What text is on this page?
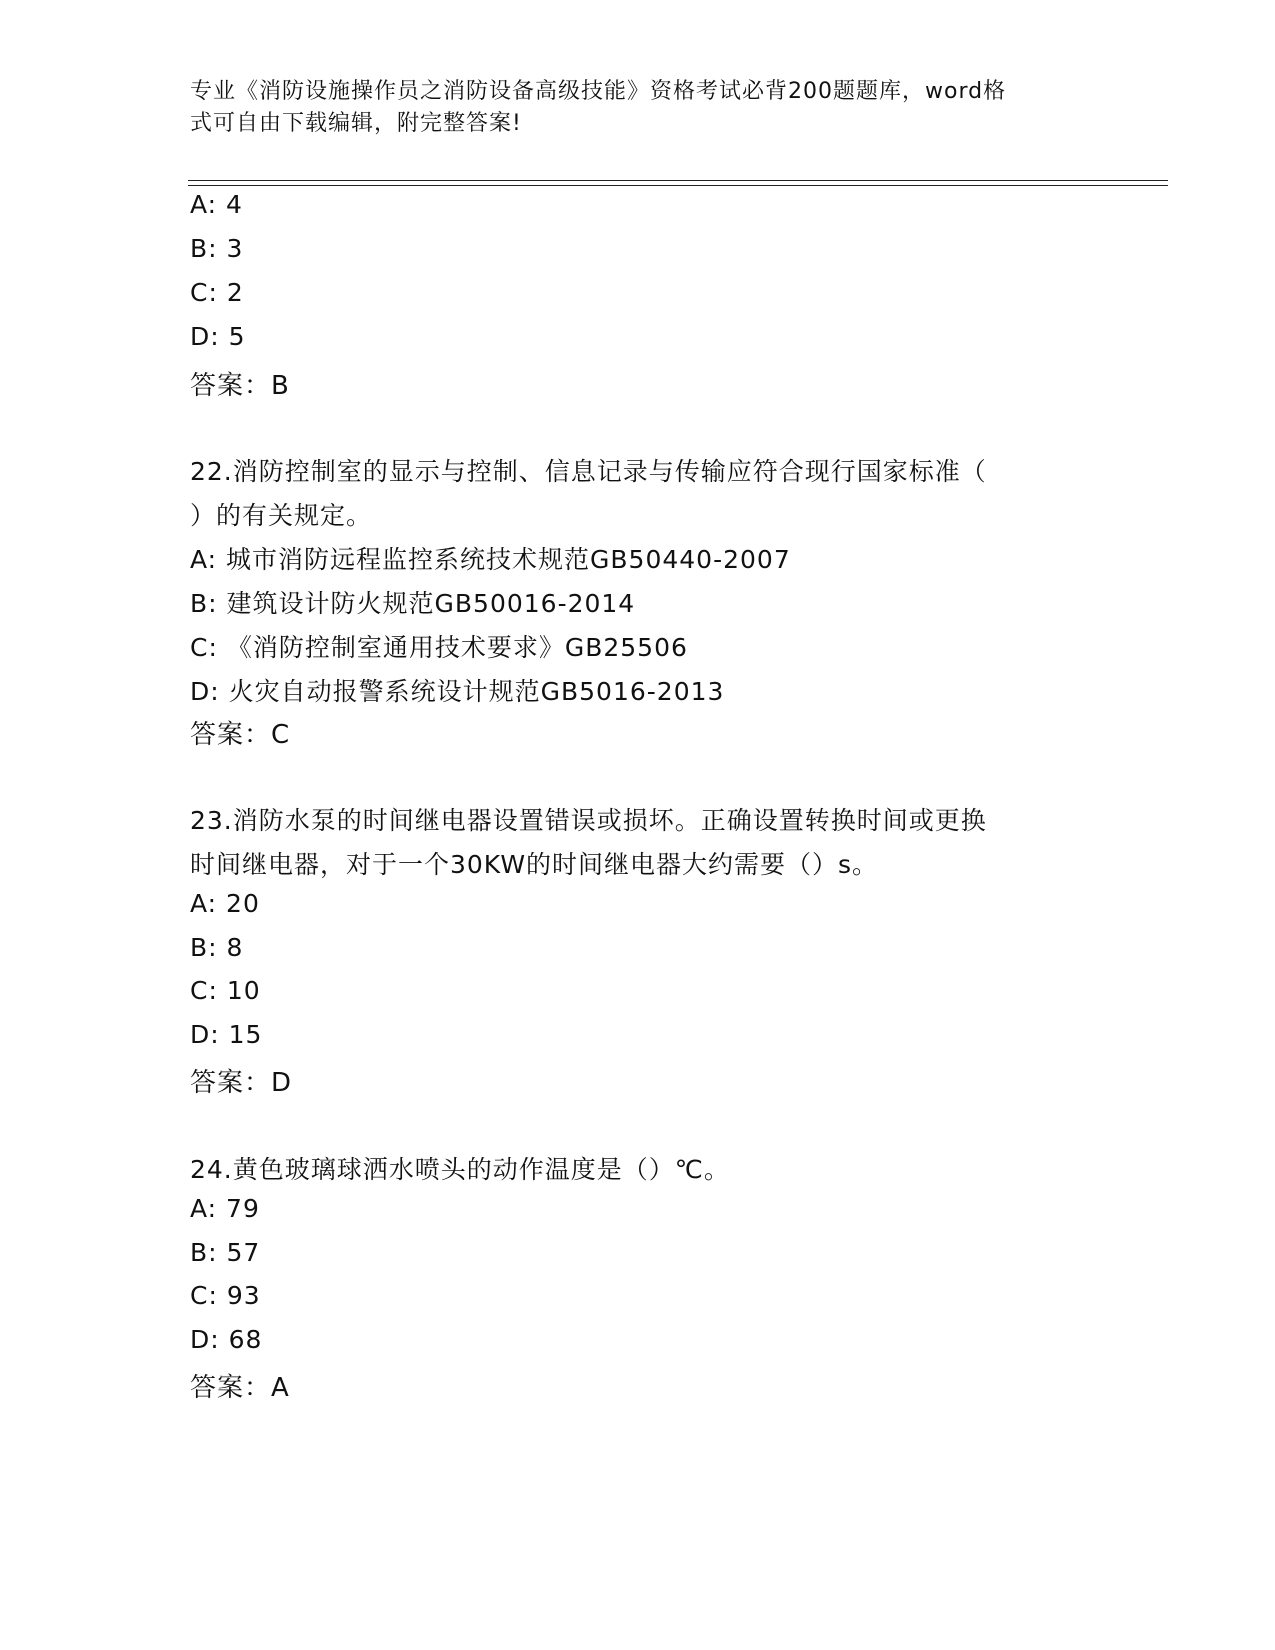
专业《消防设施操作员之消防设备高级技能》资格考试必背200题题库，word格
式可自由下载编辑，附完整答案!
A: 4
B: 3
C: 2
D: 5
答案：B
22.消防控制室的显示与控制、信息记录与传输应符合现行国家标准（
）的有关规定。
A: 城市消防远程监控系统技术规范GB50440-2007
B: 建筑设计防火规范GB50016-2014
C: 《消防控制室通用技术要求》GB25506
D: 火灾自动报警系统设计规范GB5016-2013
答案：C
23.消防水泵的时间继电器设置错误或损坏。正确设置转换时间或更换
时间继电器，对于一个30KW的时间继电器大约需要（）s。
A: 20
B: 8
C: 10
D: 15
答案：D
24.黄色玻璃球洒水喷头的动作温度是（）℃。
A: 79
B: 57
C: 93
D: 68
答案：A
